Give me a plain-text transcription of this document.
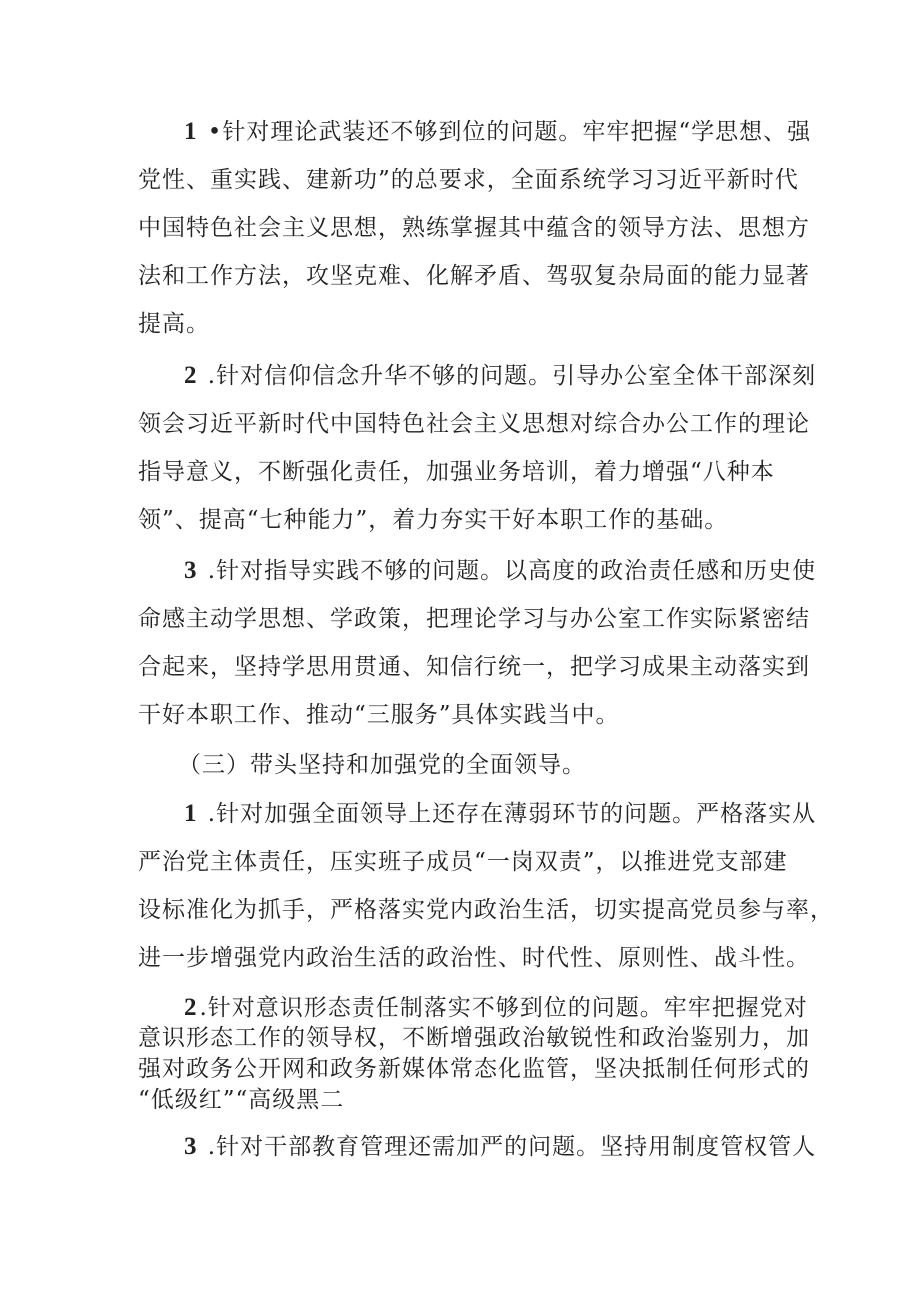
1 •针对理论武装还不够到位的问题。牢牢把握“学思想、强
党性、重实践、建新功”的总要求，全面系统学习习近平新时代
中国特色社会主义思想，熟练掌握其中蕴含的领导方法、思想方
法和工作方法，攻坚克难、化解矛盾、驾驭复杂局面的能力显著
提高。

2 .针对信仰信念升华不够的问题。引导办公室全体干部深刻
领会习近平新时代中国特色社会主义思想对综合办公工作的理论
指导意义，不断强化责任，加强业务培训，着力增强“八种本
领”、提高“七种能力”，着力夯实干好本职工作的基础。

3 .针对指导实践不够的问题。以高度的政治责任感和历史使
命感主动学思想、学政策，把理论学习与办公室工作实际紧密结
合起来，坚持学思用贯通、知信行统一，把学习成果主动落实到
干好本职工作、推动“三服务”具体实践当中。

（三）带头坚持和加强党的全面领导。

1 .针对加强全面领导上还存在薄弱环节的问题。严格落实从
严治党主体责任，压实班子成员“一岗双责”，以推进党支部建
设标准化为抓手，严格落实党内政治生活，切实提高党员参与率，
进一步增强党内政治生活的政治性、时代性、原则性、战斗性。

2.针对意识形态责任制落实不够到位的问题。牢牢把握党对
意识形态工作的领导权，不断增强政治敏锐性和政治鉴别力，加
强对政务公开网和政务新媒体常态化监管，坚决抵制任何形式的
“低级红”“高级黑二

3 .针对干部教育管理还需加严的问题。坚持用制度管权管人
